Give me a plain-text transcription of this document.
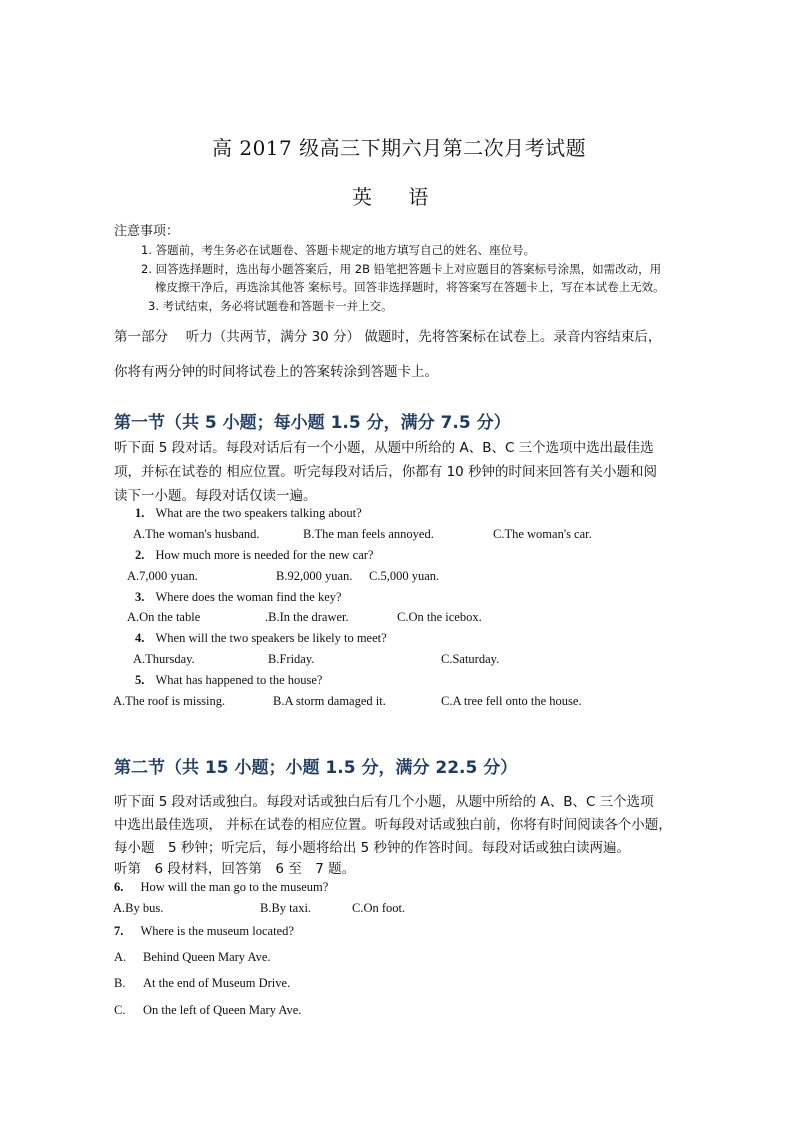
高 2017 级高三下期六月第二次月考试题
英 语
注意事项：
1. 答题前，考生务必在试题卷、答题卡规定的地方填写自己的姓名、座位号。
2. 回答选择题时，选出每小题答案后，用 2B 铅笔把答题卡上对应题目的答案标号涂黑，如需改动，用
橡皮擦干净后，再选涂其他答 案标号。回答非选择题时，将答案写在答题卡上，写在本试卷上无效。
3. 考试结束，务必将试题卷和答题卡一并上交。
第一部分　 听力（共两节，满分 30 分） 做题时，先将答案标在试卷上。录音内容结束后，
你将有两分钟的时间将试卷上的答案转涂到答题卡上。
第一节（共 5 小题；每小题 1.5 分，满分 7.5 分）
听下面 5 段对话。每段对话后有一个小题，从题中所给的 A、B、C 三个选项中选出最佳选
项，并标在试卷的 相应位置。听完每段对话后，你都有 10 秒钟的时间来回答有关小题和阅
读下一小题。每段对话仅读一遍。
1. What are the two speakers talking about?
A.The woman's husband.	B.The man feels annoyed.	C.The woman's car.
2. How much more is needed for the new car?
A.7,000 yuan.	B.92,000 yuan. C.5,000 yuan.
3. Where does the woman find the key?
A.On the table	.B.In the drawer.	C.On the icebox.
4. When will the two speakers be likely to meet?
A.Thursday.	B.Friday.	C.Saturday.
5. What has happened to the house?
A.The roof is missing.	B.A storm damaged it.	C.A tree fell onto the house.
第二节（共 15 小题；小题 1.5 分，满分 22.5 分）
听下面 5 段对话或独白。每段对话或独白后有几个小题，从题中所给的 A、B、C 三个选项
中选出最佳选项， 并标在试卷的相应位置。听每段对话或独白前，你将有时间阅读各个小题，
每小题　5 秒钟；听完后，每小题将给出 5 秒钟的作答时间。每段对话或独白读两遍。
听第　6 段材料，回答第　6 至　7 题。
6. How will the man go to the museum?
A.By bus.	B.By taxi.	C.On foot.
7. Where is the museum located?
A. Behind Queen Mary Ave.
B. At the end of Museum Drive.
C. On the left of Queen Mary Ave.
